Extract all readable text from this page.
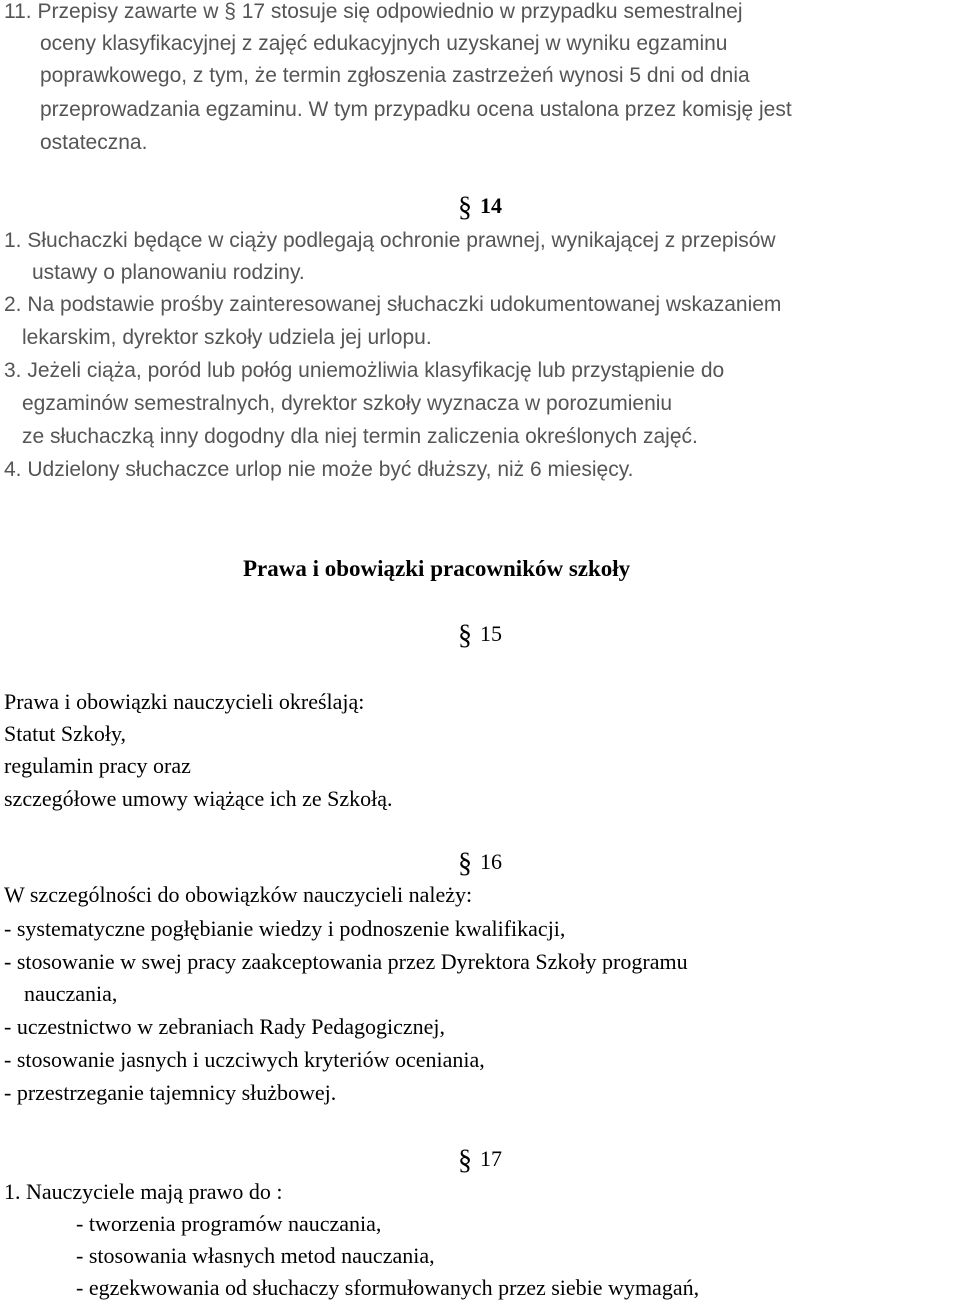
11. Przepisy zawarte w § 17 stosuje się odpowiednio w przypadku semestralnej
oceny klasyfikacyjnej z zajęć edukacyjnych uzyskanej w wyniku egzaminu
poprawkowego, z tym, że termin zgłoszenia zastrzeżeń wynosi 5 dni od dnia
przeprowadzania egzaminu. W tym przypadku ocena ustalona przez komisję jest
ostateczna.
§ 14
1. Słuchaczki będące w ciąży podlegają ochronie prawnej, wynikającej z przepisów
ustawy o planowaniu rodziny.
2. Na podstawie prośby zainteresowanej słuchaczki udokumentowanej wskazaniem
lekarskim, dyrektor szkoły udziela jej urlopu.
3. Jeżeli ciąża, poród lub połóg uniemożliwia klasyfikację lub przystąpienie do
egzaminów semestralnych, dyrektor szkoły wyznacza w porozumieniu
ze słuchaczką inny dogodny dla niej termin zaliczenia określonych zajęć.
4. Udzielony słuchaczce urlop nie może być dłuższy, niż 6 miesięcy.
Prawa i obowiązki pracowników szkoły
§ 15
Prawa i obowiązki nauczycieli określają:
Statut Szkoły,
regulamin pracy oraz
szczegółowe umowy wiążące ich ze Szkołą.
§ 16
W szczególności do obowiązków nauczycieli należy:
- systematyczne pogłębianie wiedzy i podnoszenie kwalifikacji,
- stosowanie w swej pracy zaakceptowania przez Dyrektora Szkoły programu
nauczania,
- uczestnictwo w zebraniach Rady Pedagogicznej,
- stosowanie jasnych i uczciwych kryteriów oceniania,
- przestrzeganie tajemnicy służbowej.
§ 17
1. Nauczyciele mają prawo do :
- tworzenia programów nauczania,
- stosowania własnych metod nauczania,
- egzekwowania od słuchaczy sformułowanych przez siebie wymagań,
